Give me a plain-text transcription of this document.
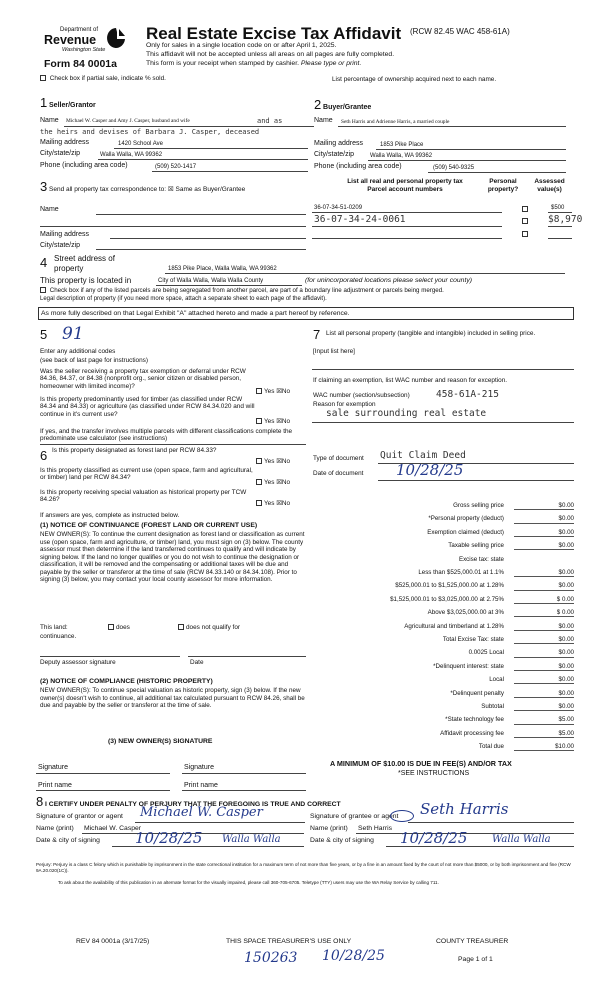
Department of
Revenue
Washington State
Form 84 0001a
Real Estate Excise Tax Affidavit (RCW 82.45 WAC 458-61A)
Only for sales in a single location code on or after April 1, 2025.
This affidavit will not be accepted unless all areas on all pages are fully completed.
This form is your receipt when stamped by cashier. Please type or print.
Check box if partial sale, indicate % sold.	List percentage of ownership acquired next to each name.
1 Seller/Grantor
Name Michael W. Casper and Amy J. Casper, husband and wife	and as
the heirs and devises of Barbara J. Casper, deceased
Mailing address	1420 School Ave
City/state/zip	Walla Walla, WA 99362
Phone (including area code)	(509) 520-1417
2 Buyer/Grantee
Name Seth Harris and Adrienne Harris, a married couple
Mailing address	1853 Pike Place
City/state/zip	Walla Walla, WA 99362
Phone (including area code)	(509) 540-9325
3 Send all property tax correspondence to: ☒ Same as Buyer/Grantee
Name
Mailing address
City/state/zip
List all real and personal property tax
Parcel account numbers
Personal
property?
Assessed
value(s)
36-07-34-51-0209	$500
36-07-34-24-0061	$8,970
4 Street address of
property	1853 Pike Place, Walla Walla, WA 99362
This property is located in	City of Walla Walla, Walla Walla County	(for unincorporated locations please select your county)
Check box if any of the listed parcels are being segregated from another parcel, are part of a boundary line adjustment or parcels being merged.
Legal description of property (if you need more space, attach a separate sheet to each page of the affidavit).
As more fully described on that Legal Exhibit "A" attached hereto and made a part hereof by reference.
5 91
Enter any additional codes
(see back of last page for instructions)
Was the seller receiving a property tax exemption or deferral under RCW 84.36, 84.37, or 84.38 (nonprofit org., senior citizen or disabled person, homeowner with limited income)?
Yes ☒No
Is this property predominantly used for timber (as classified under RCW 84.34 and 84.33) or agriculture (as classified under RCW 84.34.020 and will continue in it's current use?
Yes ☒No
If yes, and the transfer involves multiple parcels with different classifications complete the predominate use calculator (see instructions)
6 Is this property designated as forest land per RCW 84.33?
Yes ☒No
Is this property classified as current use (open space, farm and agricultural, or timber) land per RCW 84.34?
Yes ☒No
Is this property receiving special valuation as historical property per TCW 84.26?
Yes ☒No
If answers are yes, complete as instructed below.
(1) NOTICE OF CONTINUANCE (FOREST LAND OR CURRENT USE)
NEW OWNER(S): To continue the current designation as forest land or classification as current use (open space, farm and agriculture, or timber) land, you must sign on (3) below. The county assessor must then determine if the land transferred continues to qualify and will indicate by signing below. If the land no longer qualifies or you do not wish to continue the designation or classification, it will be removed and the compensating or additional taxes will be due and payable by the seller or transferor at the time of sale (RCW 84.33.140 or 84.34.108). Prior to signing (3) below, you may contact your local county assessor for more information.
This land:	does	does not qualify for
continuance.
Deputy assessor signature	Date
(2) NOTICE OF COMPLIANCE (HISTORIC PROPERTY)
NEW OWNER(S): To continue special valuation as historic property, sign (3) below. If the new owner(s) doesn't wish to continue, all additional tax calculated pursuant to RCW 84.26, shall be due and payable by the seller or transferor at the time of sale.
(3) NEW OWNER(S) SIGNATURE
Signature	Signature
Print name	Print name
7 List all personal property (tangible and intangible) included in selling price.
[Input list here]
If claiming an exemption, list WAC number and reason for exception.
WAC number (section/subsection)	458-61A-215
Reason for exemption
sale surrounding real estate
Type of document Quit Claim Deed
Date of document 10/28/25
Gross selling price	$0.00
*Personal property (deduct)	$0.00
Exemption claimed (deduct)	$0.00
Taxable selling price	$0.00
Excise tax: state
Less than $525,000.01 at 1.1%	$0.00
$525,000.01 to $1,525,000.00 at 1.28%	$0.00
$1,525,000.01 to $3,025,000.00 at 2.75%	$ 0.00
Above $3,025,000.00 at 3%	$ 0.00
Agricultural and timberland at 1.28%	$0.00
Total Excise Tax: state	$0.00
0.0025 Local	$0.00
*Delinquent interest: state	$0.00
Local	$0.00
*Delinquent penalty	$0.00
Subtotal	$0.00
*State technology fee	$5.00
Affidavit processing fee	$5.00
Total due	$10.00
A MINIMUM OF $10.00 IS DUE IN FEE(S) AND/OR TAX
*SEE INSTRUCTIONS
8 I CERTIFY UNDER PENALTY OF PERJURY THAT THE FOREGOING IS TRUE AND CORRECT
Signature of grantor or agent Michael W. Casper
Name (print) Michael W. Casper
Date & city of signing 10/28/25 Walla Walla
Signature of grantee or agent Seth Harris
Name (print) Seth Harris
Date & city of signing 10/28/25 Walla Walla
Perjury: Perjury is a class C felony which is punishable by imprisonment in the state correctional institution for a maximum term of not more than five years, or by a fine in an amount fixed by the court of not more than $5000, or by both imprisonment and fine (RCW 9A.20.020(1C)).
To ask about the availability of this publication in an alternate format for the visually impaired, please call 360-705-6705. Teletype (TTY) users may use the WA Relay Service by calling 711.
REV 84 0001a (3/17/25)	THIS SPACE TREASURER'S USE ONLY	COUNTY TREASURER
150263 10/28/25	Page 1 of 1
